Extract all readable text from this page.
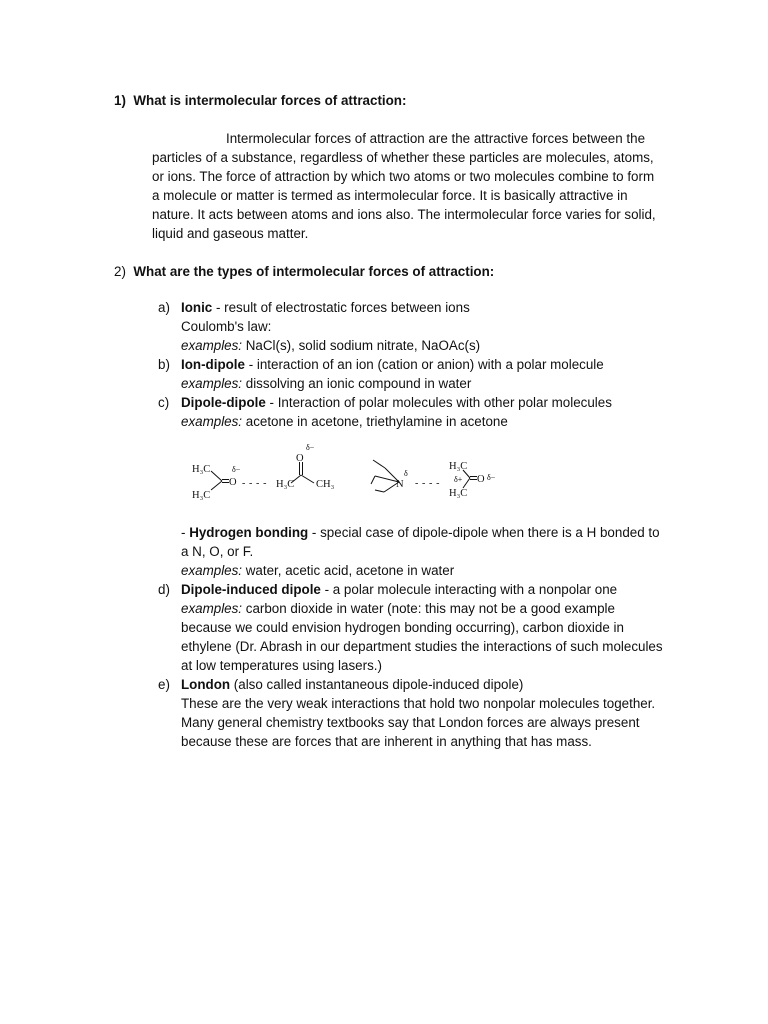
1) What is intermolecular forces of attraction:
Intermolecular forces of attraction are the attractive forces between the
particles of a substance, regardless of whether these particles are molecules, atoms,
or ions. The force of attraction by which two atoms or two molecules combine to form
a molecule or matter is termed as intermolecular force. It is basically attractive in
nature. It acts between atoms and ions also. The intermolecular force varies for solid,
liquid and gaseous matter.
2) What are the types of intermolecular forces of attraction:
a) Ionic - result of electrostatic forces between ions
Coulomb's law:
examples: NaCl(s), solid sodium nitrate, NaOAc(s)
b) Ion-dipole - interaction of an ion (cation or anion) with a polar molecule
examples: dissolving an ionic compound in water
c) Dipole-dipole - Interaction of polar molecules with other polar molecules
examples: acetone in acetone, triethylamine in acetone
H₃C
H₃C
O
δ−
- - - - H₃C
O
δ−
CH₃	N
δ
- - - -
H₃C
δ+
H₃C
O δ−
- Hydrogen bonding - special case of dipole-dipole when there is a H bonded to
a N, O, or F.
examples: water, acetic acid, acetone in water
d) Dipole-induced dipole - a polar molecule interacting with a nonpolar one
examples: carbon dioxide in water (note: this may not be a good example
because we could envision hydrogen bonding occurring), carbon dioxide in
ethylene (Dr. Abrash in our department studies the interactions of such molecules
at low temperatures using lasers.)
e) London (also called instantaneous dipole-induced dipole)
These are the very weak interactions that hold two nonpolar molecules together.
Many general chemistry textbooks say that London forces are always present
because these are forces that are inherent in anything that has mass.
